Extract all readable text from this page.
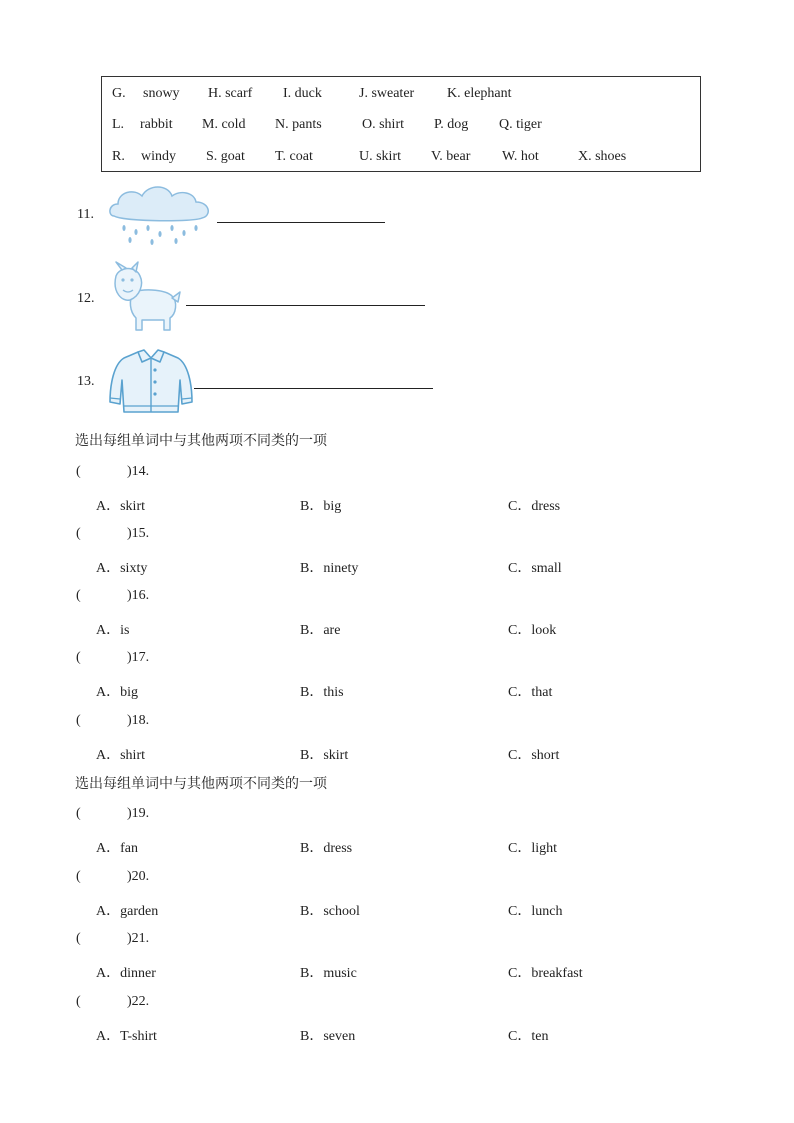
G. snowy H. scarf I. duck	J. sweater K. elephant
L. rabbit M. cold N. pants	O. shirt P. dog Q. tiger
R. windy S. goat T. coat	U. skirt V. bear W. hot	X. shoes
11.
12.
13.
选出每组单词中与其他两项不同类的一项
(	)14.
A．skirt	B．big	C．dress
(	)15.
A．sixty	B．ninety	C．small
(	)16.
A．is	B．are	C．look
(	)17.
A．big	B．this	C．that
(	)18.
A．shirt	B．skirt	C．short
(	)19.
A．fan	B．dress	C．light
(	)20.
A．garden	B．school	C．lunch
(	)21.
A．dinner	B．music	C．breakfast
(	)22.
A．T-shirt	B．seven	C．ten
选出每组单词中与其他两项不同类的一项
